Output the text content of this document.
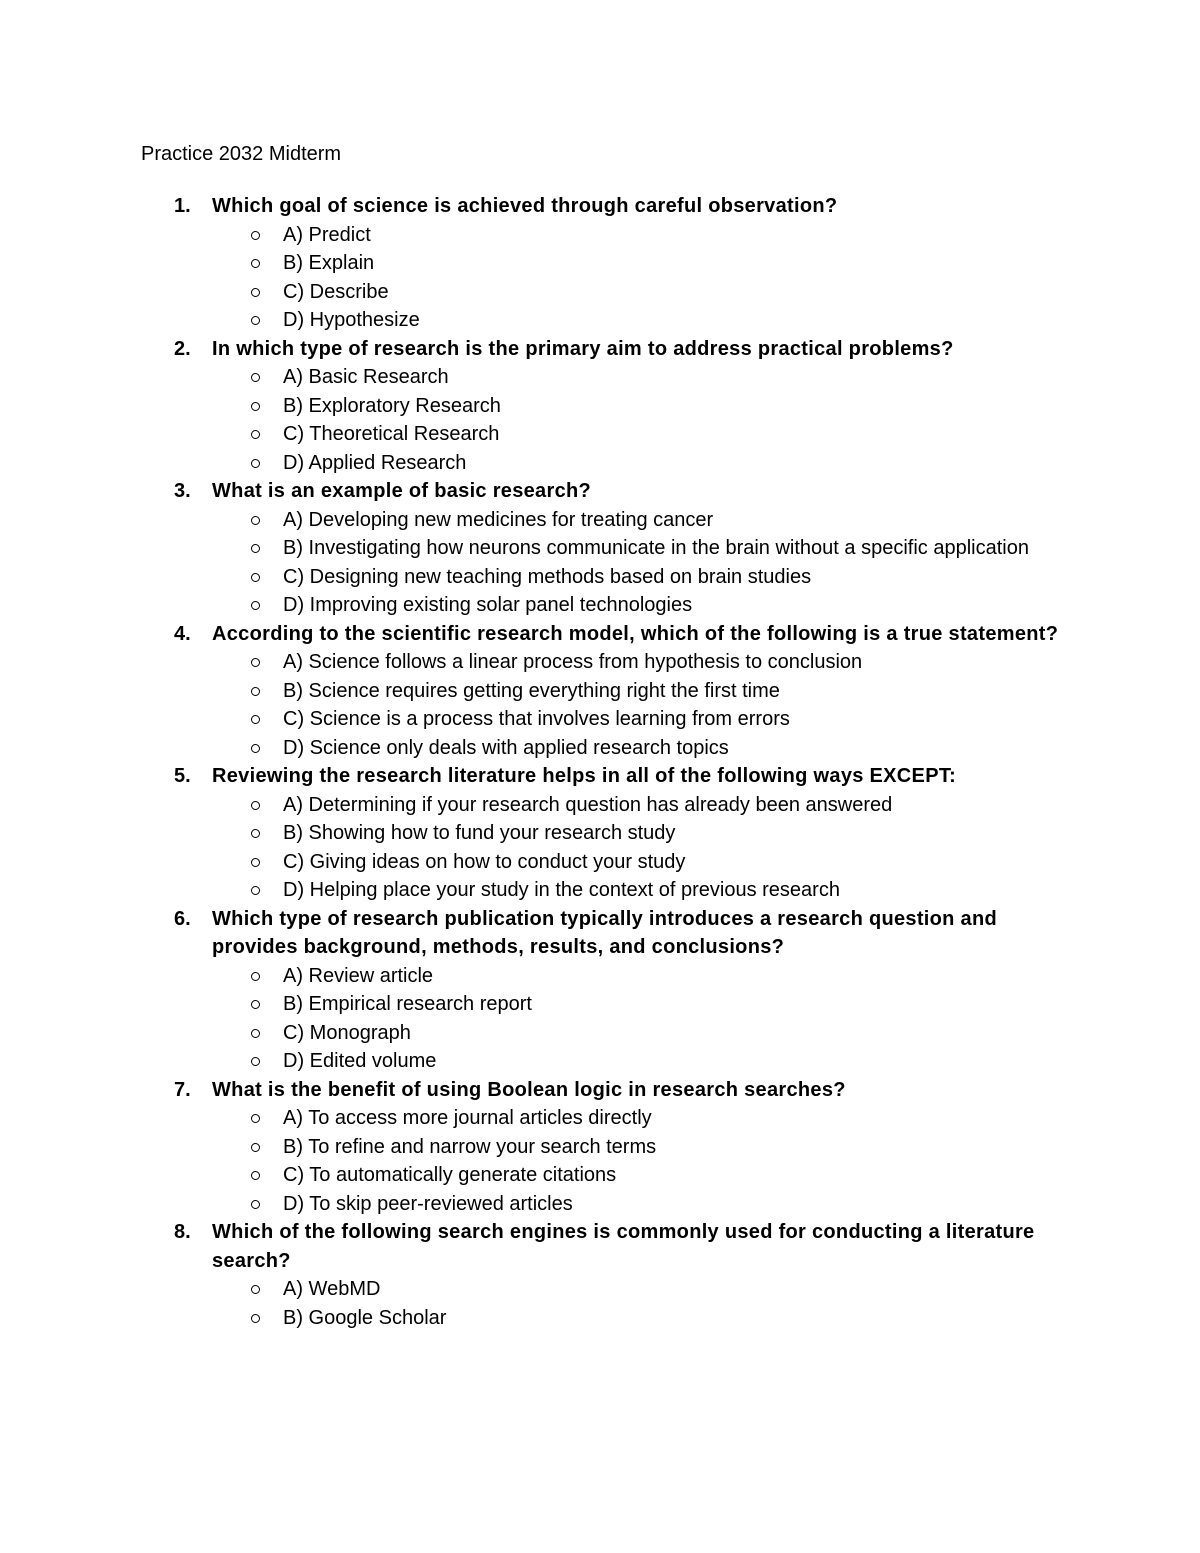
Practice 2032 Midterm
1. Which goal of science is achieved through careful observation?
A) Predict
B) Explain
C) Describe
D) Hypothesize
2. In which type of research is the primary aim to address practical problems?
A) Basic Research
B) Exploratory Research
C) Theoretical Research
D) Applied Research
3. What is an example of basic research?
A) Developing new medicines for treating cancer
B) Investigating how neurons communicate in the brain without a specific application
C) Designing new teaching methods based on brain studies
D) Improving existing solar panel technologies
4. According to the scientific research model, which of the following is a true statement?
A) Science follows a linear process from hypothesis to conclusion
B) Science requires getting everything right the first time
C) Science is a process that involves learning from errors
D) Science only deals with applied research topics
5. Reviewing the research literature helps in all of the following ways EXCEPT:
A) Determining if your research question has already been answered
B) Showing how to fund your research study
C) Giving ideas on how to conduct your study
D) Helping place your study in the context of previous research
6. Which type of research publication typically introduces a research question and provides background, methods, results, and conclusions?
A) Review article
B) Empirical research report
C) Monograph
D) Edited volume
7. What is the benefit of using Boolean logic in research searches?
A) To access more journal articles directly
B) To refine and narrow your search terms
C) To automatically generate citations
D) To skip peer-reviewed articles
8. Which of the following search engines is commonly used for conducting a literature search?
A) WebMD
B) Google Scholar
